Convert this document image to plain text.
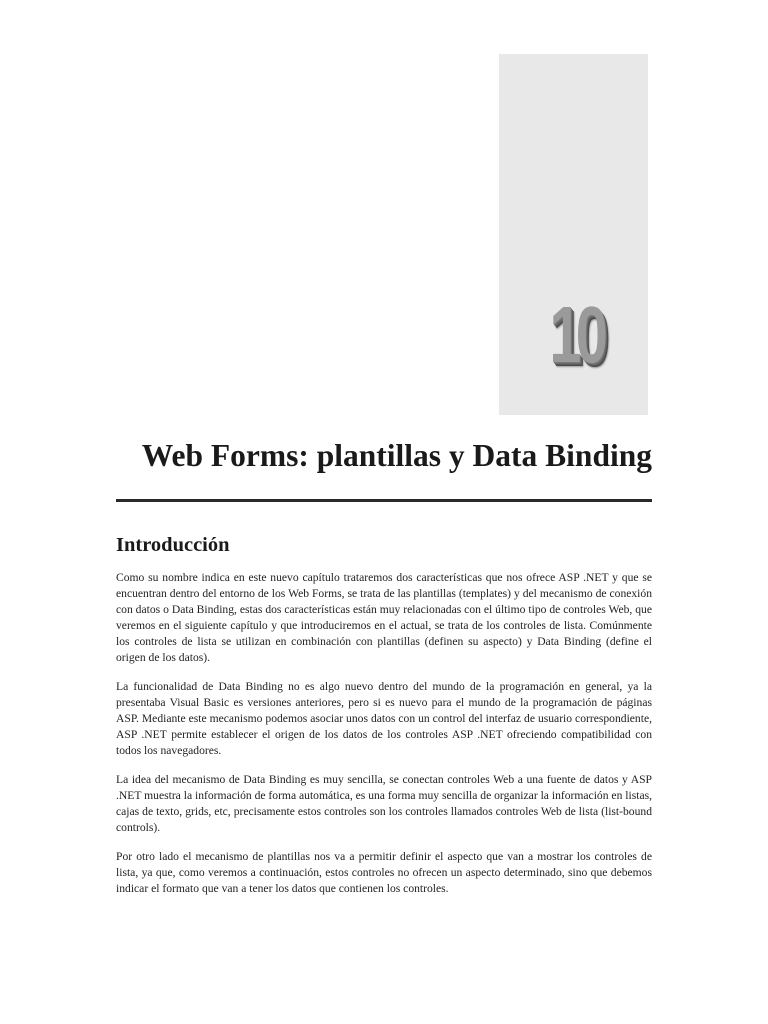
10
Web Forms: plantillas y Data Binding
Introducción

Como su nombre indica en este nuevo capítulo trataremos dos características que nos ofrece ASP .NET y que se encuentran dentro del entorno de los Web Forms, se trata de las plantillas (templates) y del mecanismo de conexión con datos o Data Binding, estas dos características están muy relacionadas con el último tipo de controles Web, que veremos en el siguiente capítulo y que introduciremos en el actual, se trata de los controles de lista. Comúnmente los controles de lista se utilizan en combinación con plantillas (definen su aspecto) y Data Binding (define el origen de los datos).

La funcionalidad de Data Binding no es algo nuevo dentro del mundo de la programación en general, ya la presentaba Visual Basic es versiones anteriores, pero si es nuevo para el mundo de la programación de páginas ASP. Mediante este mecanismo podemos asociar unos datos con un control del interfaz de usuario correspondiente, ASP .NET permite establecer el origen de los datos de los controles ASP .NET ofreciendo compatibilidad con todos los navegadores.

La idea del mecanismo de Data Binding es muy sencilla, se conectan controles Web a una fuente de datos y ASP .NET muestra la información de forma automática, es una forma muy sencilla de organizar la información en listas, cajas de texto, grids, etc, precisamente estos controles son los controles llamados controles Web de lista (list-bound controls).

Por otro lado el mecanismo de plantillas nos va a permitir definir el aspecto que van a mostrar los controles de lista, ya que, como veremos a continuación, estos controles no ofrecen un aspecto determinado, sino que debemos indicar el formato que van a tener los datos que contienen los controles.
